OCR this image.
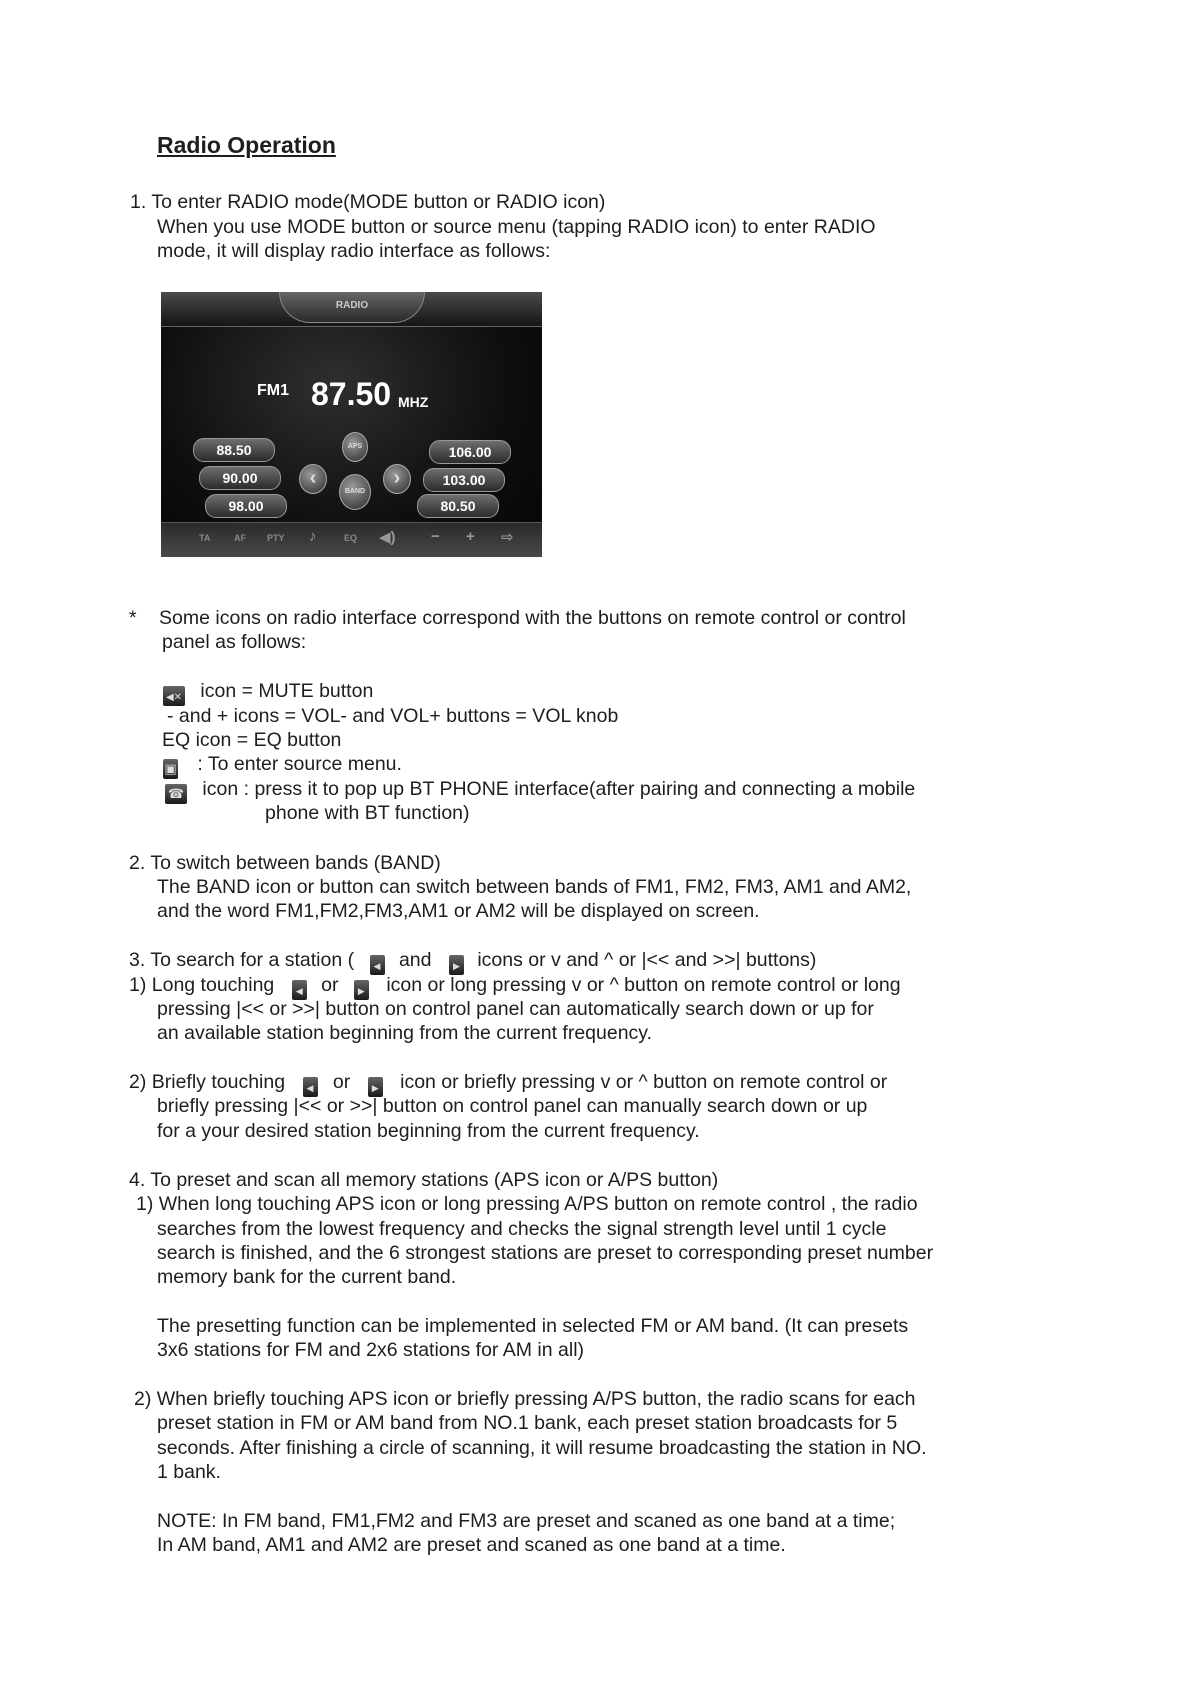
Radio Operation
1. To enter RADIO mode(MODE button or RADIO icon)
When you use MODE button or source menu (tapping RADIO icon) to enter RADIO
mode, it will display radio interface as follows:
RADIO
FM1 87.50 MHZ
88.50
90.00
98.00
106.00
103.00
80.50
APS
BAND
‹	›
TA	AF PTY ♪	EQ ◀) − + ⇨
* Some icons on radio interface correspond with the buttons on remote control or control
panel as follows:
◀✕ icon = MUTE button
- and + icons = VOL- and VOL+ buttons = VOL knob
EQ icon = EQ button
▣ : To enter source menu.
☎ icon : press it to pop up BT PHONE interface(after pairing and connecting a mobile
phone with BT function)
2. To switch between bands (BAND)
The BAND icon or button can switch between bands of FM1, FM2, FM3, AM1 and AM2,
and the word FM1,FM2,FM3,AM1 or AM2 will be displayed on screen.
3. To search for a station ( ◀ and ▶ icons or v and ^ or |<< and >>| buttons)
1) Long touching ◀ or ▶ icon or long pressing v or ^ button on remote control or long
pressing |<< or >>| button on control panel can automatically search down or up for
an available station beginning from the current frequency.
2) Briefly touching ◀ or ▶	icon or briefly pressing v or ^ button on remote control or
briefly pressing |<< or >>| button on control panel can manually search down or up
for a your desired station beginning from the current frequency.
4. To preset and scan all memory stations (APS icon or A/PS button)
1) When long touching APS icon or long pressing A/PS button on remote control , the radio
searches from the lowest frequency and checks the signal strength level until 1 cycle
search is finished, and the 6 strongest stations are preset to corresponding preset number
memory bank for the current band.
The presetting function can be implemented in selected FM or AM band. (It can presets
3x6 stations for FM and 2x6 stations for AM in all)
2) When briefly touching APS icon or briefly pressing A/PS button, the radio scans for each
preset station in FM or AM band from NO.1 bank, each preset station broadcasts for 5
seconds. After finishing a circle of scanning, it will resume broadcasting the station in NO.
1 bank.
NOTE: In FM band, FM1,FM2 and FM3 are preset and scaned as one band at a time;
In AM band, AM1 and AM2 are preset and scaned as one band at a time.
